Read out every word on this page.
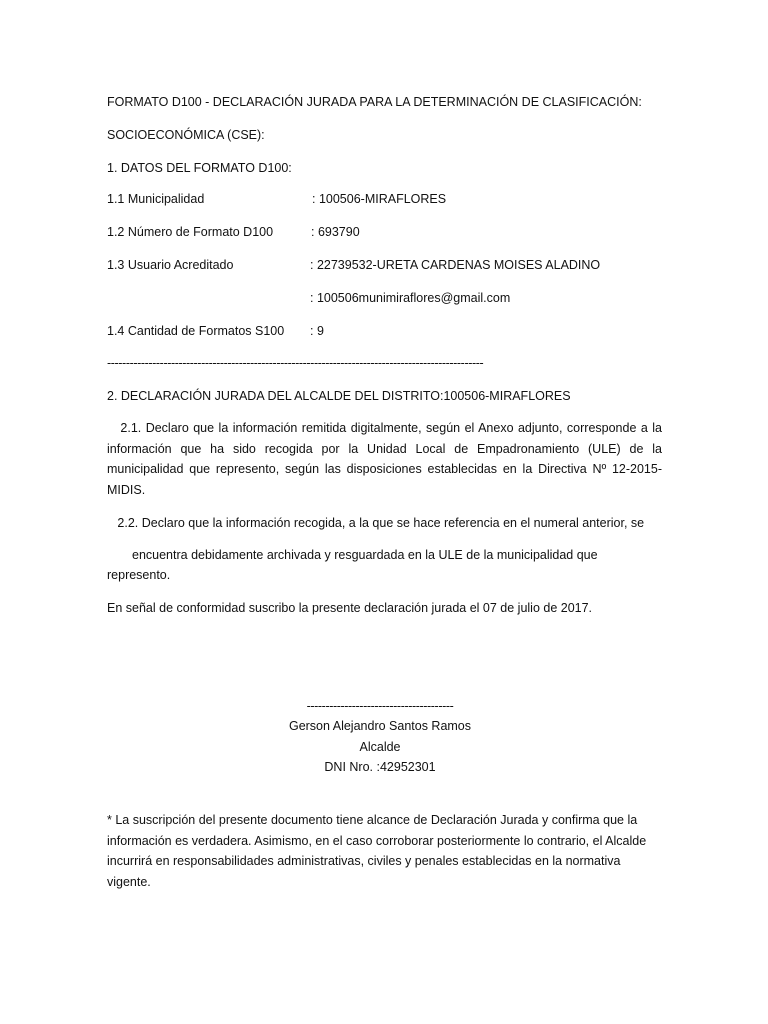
FORMATO D100 - DECLARACIÓN JURADA PARA LA DETERMINACIÓN DE CLASIFICACIÓN:
SOCIOECONÓMICA (CSE):
1. DATOS DEL FORMATO D100:
1.1 Municipalidad	: 100506-MIRAFLORES
1.2 Número de Formato D100	: 693790
1.3 Usuario Acreditado	: 22739532-URETA CARDENAS MOISES ALADINO
: 100506munimiraflores@gmail.com
1.4 Cantidad de Formatos S100 : 9
----------------------------------------------------------------------------------------------------
2. DECLARACIÓN JURADA DEL ALCALDE DEL DISTRITO:100506-MIRAFLORES
2.1. Declaro que la información remitida digitalmente, según el Anexo adjunto, corresponde a la información que ha sido recogida por la Unidad Local de Empadronamiento (ULE) de la municipalidad que represento, según las disposiciones establecidas en la Directiva Nº 12-2015-MIDIS.
2.2. Declaro que la información recogida, a la que se hace referencia en el numeral anterior, se
encuentra debidamente archivada y resguardada en la ULE de la municipalidad que
represento.
En señal de conformidad suscribo la presente declaración jurada el 07 de julio de 2017.
---------------------------------------
Gerson Alejandro Santos Ramos
Alcalde
DNI Nro. :42952301
* La suscripción del presente documento tiene alcance de Declaración Jurada y confirma que la información es verdadera. Asimismo, en el caso corroborar posteriormente lo contrario, el Alcalde incurrirá en responsabilidades administrativas, civiles y penales establecidas en la normativa vigente.
